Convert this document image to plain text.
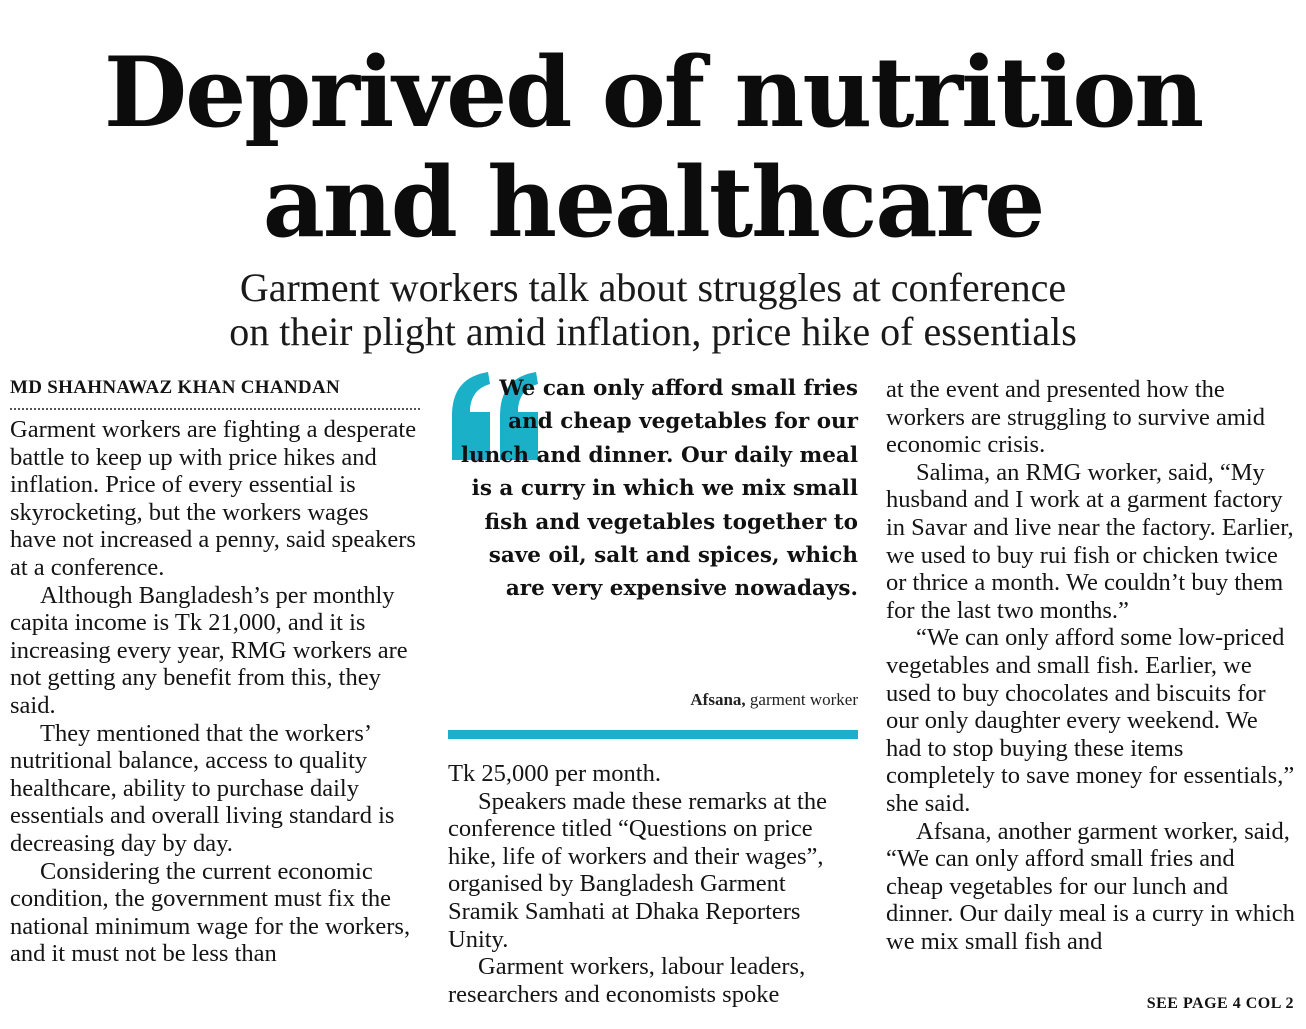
Deprived of nutrition
and healthcare
Garment workers talk about struggles at conference
on their plight amid inflation, price hike of essentials
MD SHAHNAWAZ KHAN CHANDAN

Garment workers are fighting a desperate battle to keep up with price hikes and inflation. Price of every essential is skyrocketing, but the workers wages have not increased a penny, said speakers at a conference.

Although Bangladesh’s per monthly capita income is Tk 21,000, and it is increasing every year, RMG workers are not getting any benefit from this, they said.

They mentioned that the workers’ nutritional balance, access to quality healthcare, ability to purchase daily essentials and overall living standard is decreasing day by day.

Considering the current economic condition, the government must fix the national minimum wage for the workers, and it must not be less than

We can only afford small fries and cheap vegetables for our lunch and dinner. Our daily meal is a curry in which we mix small fish and vegetables together to save oil, salt and spices, which are very expensive nowadays.
Afsana, garment worker

Tk 25,000 per month.

Speakers made these remarks at the conference titled “Questions on price hike, life of workers and their wages”, organised by Bangladesh Garment Sramik Samhati at Dhaka Reporters Unity.

Garment workers, labour leaders, researchers and economists spoke

at the event and presented how the workers are struggling to survive amid economic crisis.

Salima, an RMG worker, said, “My husband and I work at a garment factory in Savar and live near the factory. Earlier, we used to buy rui fish or chicken twice or thrice a month. We couldn’t buy them for the last two months.”

“We can only afford some low-priced vegetables and small fish. Earlier, we used to buy chocolates and biscuits for our only daughter every weekend. We had to stop buying these items completely to save money for essentials,” she said.

Afsana, another garment worker, said, “We can only afford small fries and cheap vegetables for our lunch and dinner. Our daily meal is a curry in which we mix small fish and

SEE PAGE 4 COL 2
